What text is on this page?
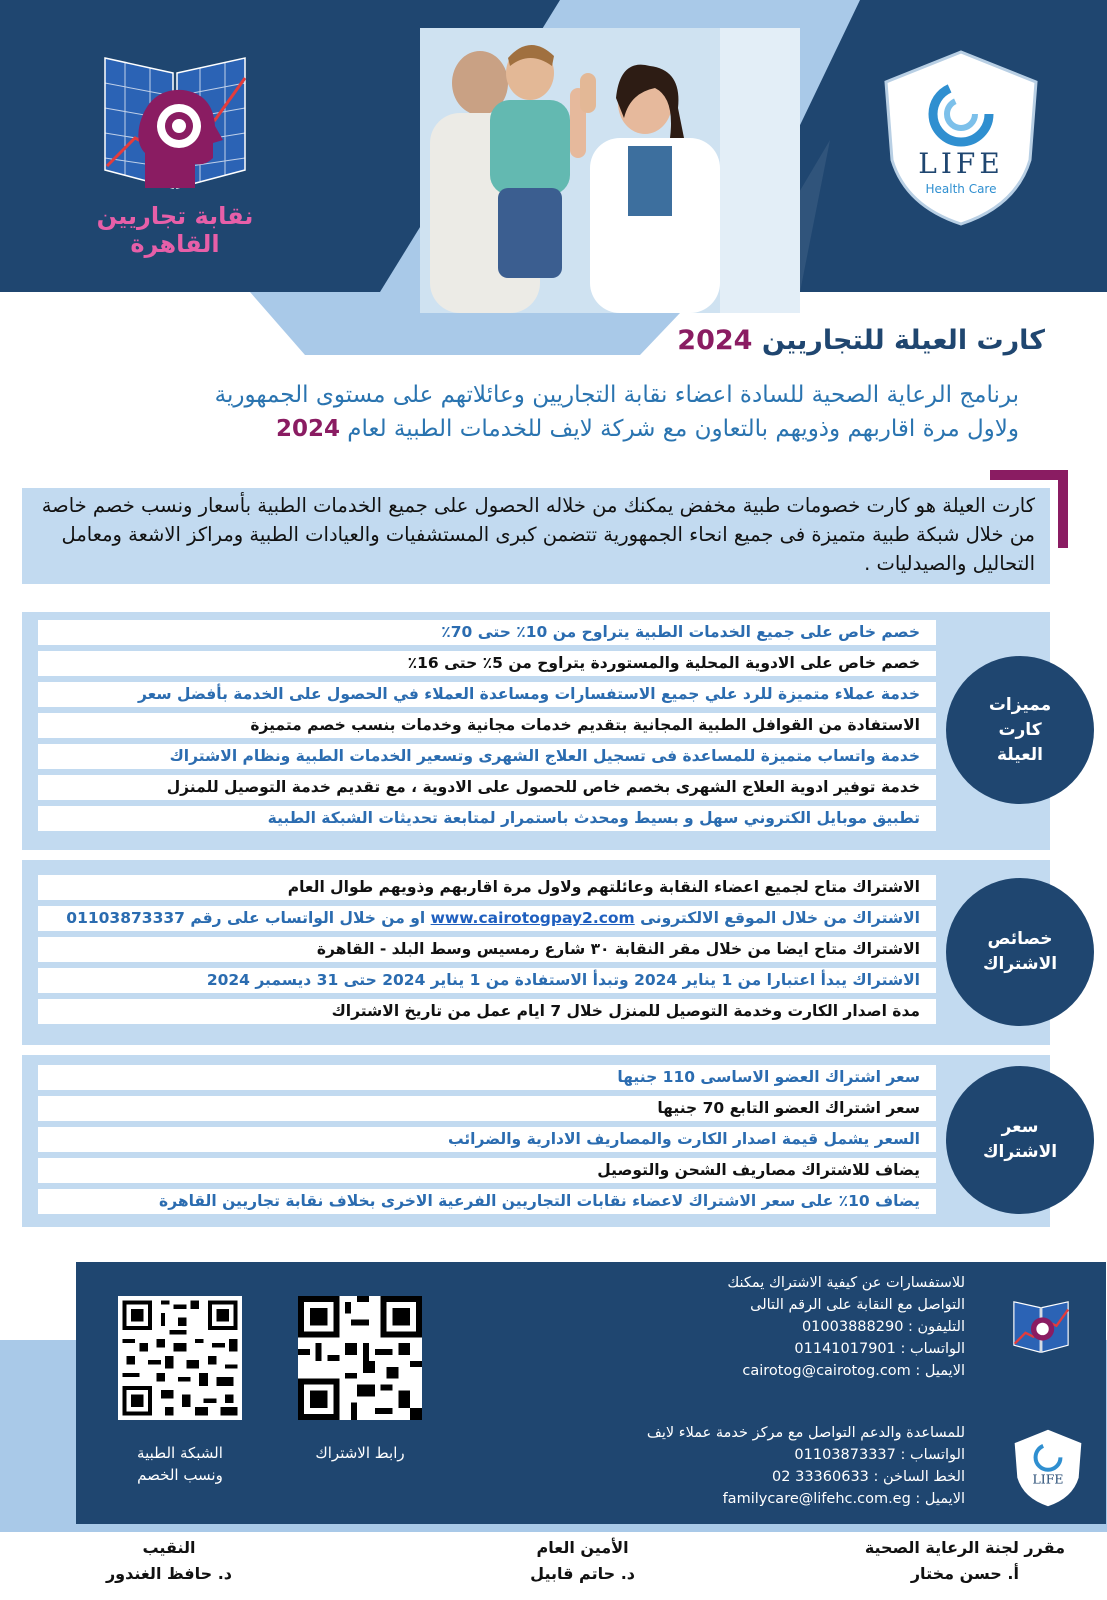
LIFE
Health Care
نقابة تجاريين القاهرة
كارت العيلة للتجاريين 2024
برنامج الرعاية الصحية للسادة اعضاء نقابة التجاريين وعائلاتهم على مستوى الجمهورية
ولاول مرة اقاربهم وذويهم بالتعاون مع شركة لايف للخدمات الطبية لعام 2024
كارت العيلة هو كارت خصومات طبية مخفض يمكنك من خلاله الحصول على جميع الخدمات الطبية بأسعار ونسب خصم خاصة من خلال شبكة طبية متميزة فى جميع انحاء الجمهورية تتضمن كبرى المستشفيات والعيادات الطبية ومراكز الاشعة ومعامل التحاليل والصيدليات .
خصم خاص على جميع الخدمات الطبية يتراوح من 10٪ حتى 70٪
خصم خاص على الادوية المحلية والمستوردة يتراوح من 5٪ حتى 16٪
خدمة عملاء متميزة للرد علي جميع الاستفسارات ومساعدة العملاء في الحصول على الخدمة بأفضل سعر
الاستفادة من القوافل الطبية المجانية بتقديم خدمات مجانية وخدمات بنسب خصم متميزة
خدمة واتساب متميزة للمساعدة فى تسجيل العلاج الشهرى وتسعير الخدمات الطبية ونظام الاشتراك
خدمة توفير ادوية العلاج الشهرى بخصم خاص للحصول على الادوية ، مع تقديم خدمة التوصيل للمنزل
تطبيق موبايل الكتروني سهل و بسيط ومحدث باستمرار لمتابعة تحديثات الشبكة الطبية
مميزات
كارت
العيلة
الاشتراك متاح لجميع اعضاء النقابة وعائلتهم ولاول مرة اقاربهم وذويهم طوال العام
الاشتراك من خلال الموقع الالكترونى www.cairotogpay2.com او من خلال الواتساب على رقم 01103873337
الاشتراك متاح ايضا من خلال مقر النقابة ٣٠ شارع رمسيس وسط البلد - القاهرة
الاشتراك يبدأ اعتبارا من 1 يناير 2024 وتبدأ الاستفادة من 1 يناير 2024 حتى 31 ديسمبر 2024
مدة اصدار الكارت وخدمة التوصيل للمنزل خلال 7 ايام عمل من تاريخ الاشتراك
خصائص
الاشتراك
سعر اشتراك العضو الاساسى 110 جنيها
سعر اشتراك العضو التابع 70 جنيها
السعر يشمل قيمة اصدار الكارت والمصاريف الادارية والضرائب
يضاف للاشتراك مصاريف الشحن والتوصيل
يضاف 10٪ على سعر الاشتراك لاعضاء نقابات التجاريين الفرعية الاخرى بخلاف نقابة تجاريين القاهرة
سعر
الاشتراك
للاستفسارات عن كيفية الاشتراك يمكنك
التواصل مع النقابة على الرقم التالى
التليفون : 01003888290
الواتساب : 01141017901
الايميل : cairotog@cairotog.com
LIFE
للمساعدة والدعم التواصل مع مركز خدمة عملاء لايف
الواتساب : 01103873337
الخط الساخن : 33360633 02
الايميل : familycare@lifehc.com.eg
رابط الاشتراك
الشبكة الطبية
ونسب الخصم
مقرر لجنة الرعاية الصحية
أ. حسن مختار
الأمين العام
د. حاتم قابيل
النقيب
د. حافظ الغندور
